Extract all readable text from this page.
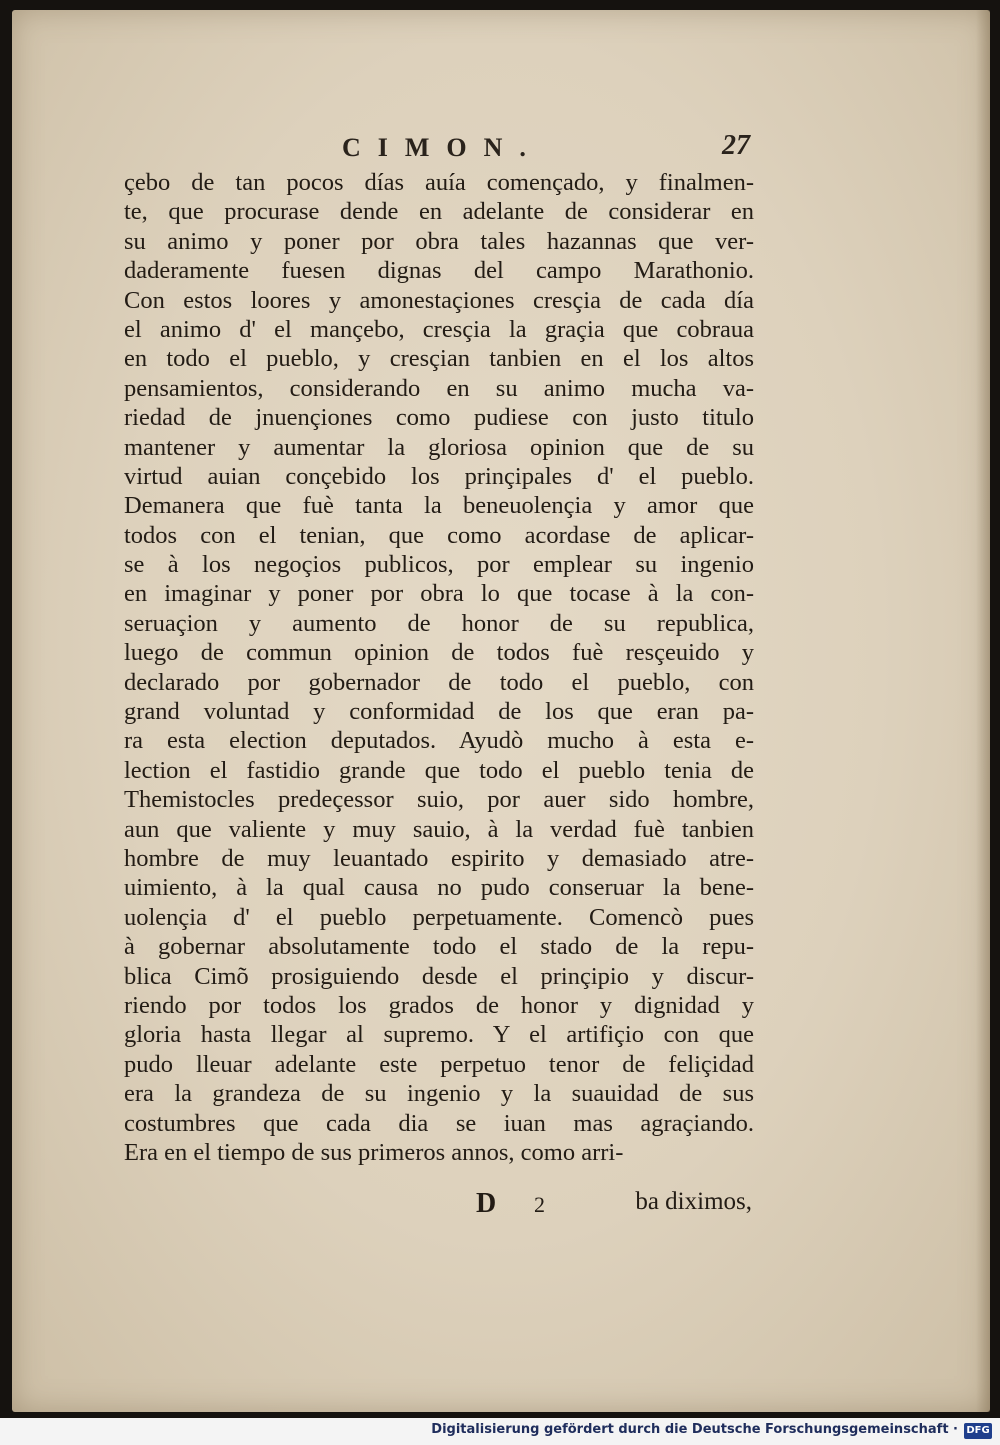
CIMON.	27
çebo de tan pocos días auía començado, y finalmen-
te, que procurase dende en adelante de considerar en
su animo y poner por obra tales hazannas que ver-
daderamente fuesen dignas del campo Marathonio.
Con estos loores y amonestaçiones cresçia de cada día
el animo d' el mançebo, cresçia la graçia que cobraua
en todo el pueblo, y cresçian tanbien en el los altos
pensamientos, considerando en su animo mucha va-
riedad de jnuençiones como pudiese con justo titulo
mantener y aumentar la gloriosa opinion que de su
virtud auian conçebido los prinçipales d' el pueblo.
Demanera que fuè tanta la beneuolençia y amor que
todos con el tenian, que como acordase de aplicar-
se à los negoçios publicos, por emplear su ingenio
en imaginar y poner por obra lo que tocase à la con-
seruaçion y aumento de honor de su republica,
luego de commun opinion de todos fuè resçeuido y
declarado por gobernador de todo el pueblo, con
grand voluntad y conformidad de los que eran pa-
ra esta election deputados. Ayudò mucho à esta e-
lection el fastidio grande que todo el pueblo tenia de
Themistocles predeçessor suio, por auer sido hombre,
aun que valiente y muy sauio, à la verdad fuè tanbien
hombre de muy leuantado espirito y demasiado atre-
uimiento, à la qual causa no pudo conseruar la bene-
uolençia d' el pueblo perpetuamente. Comencò pues
à gobernar absolutamente todo el stado de la repu-
blica Cimõ prosiguiendo desde el prinçipio y discur-
riendo por todos los grados de honor y dignidad y
gloria hasta llegar al supremo. Y el artifiçio con que
pudo lleuar adelante este perpetuo tenor de feliçidad
era la grandeza de su ingenio y la suauidad de sus
costumbres que cada dia se iuan mas agraçiando.
Era en el tiempo de sus primeros annos, como arri-
D 2	ba diximos,
Digitalisierung gefördert durch die Deutsche Forschungsgemeinschaft · DFG
